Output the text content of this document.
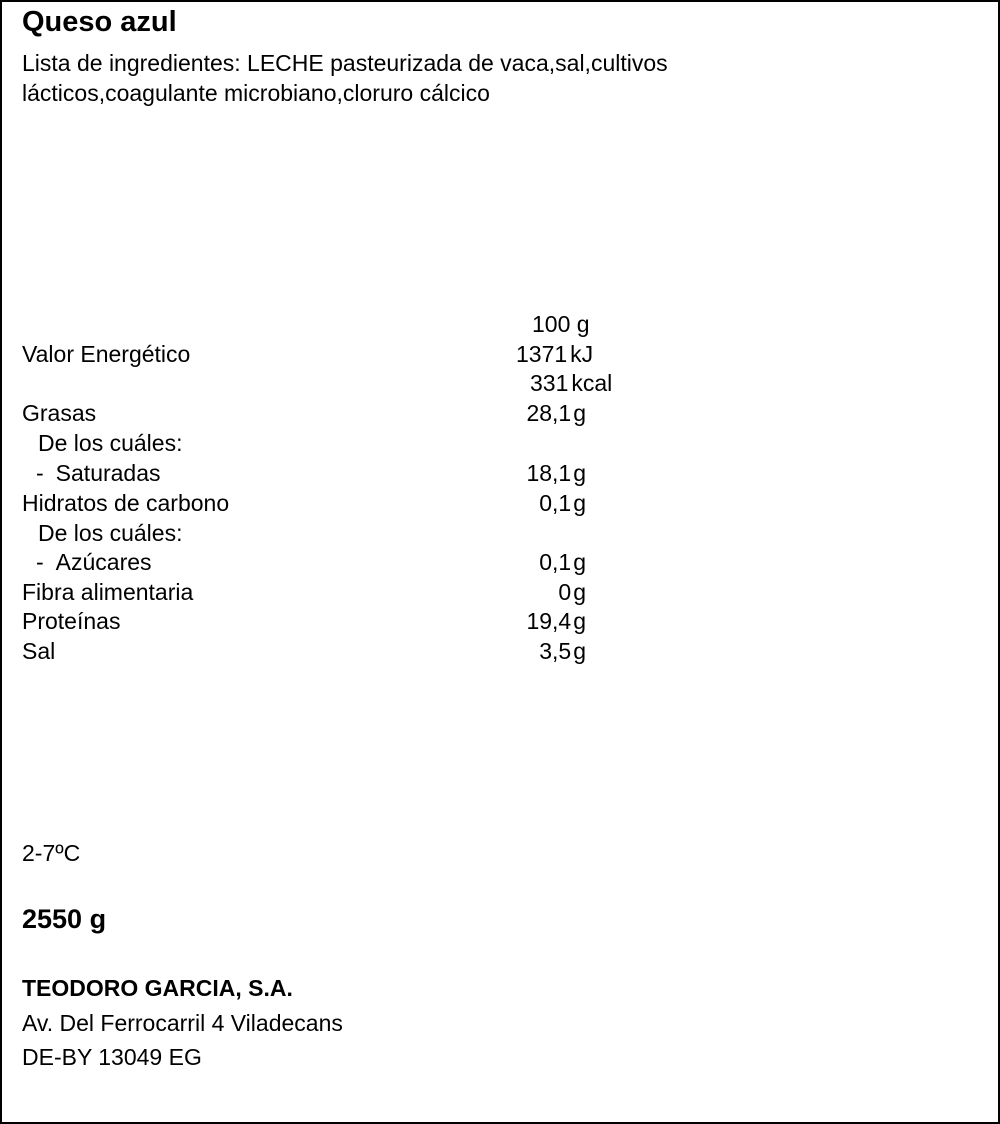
Queso azul
Lista de ingredientes: LECHE pasteurizada de vaca,sal,cultivos
lácticos,coagulante microbiano,cloruro cálcico
100 g
Valor Energético	1371 kJ
331 kcal
Grasas	28,1g
De los cuáles:
- Saturadas	18,1g
Hidratos de carbono	0,1g
De los cuáles:
- Azúcares	0,1g
Fibra alimentaria	0g
Proteínas	19,4g
Sal	3,5g
2-7ºC
2550 g
TEODORO GARCIA, S.A.
Av. Del Ferrocarril 4 Viladecans
DE-BY 13049 EG
